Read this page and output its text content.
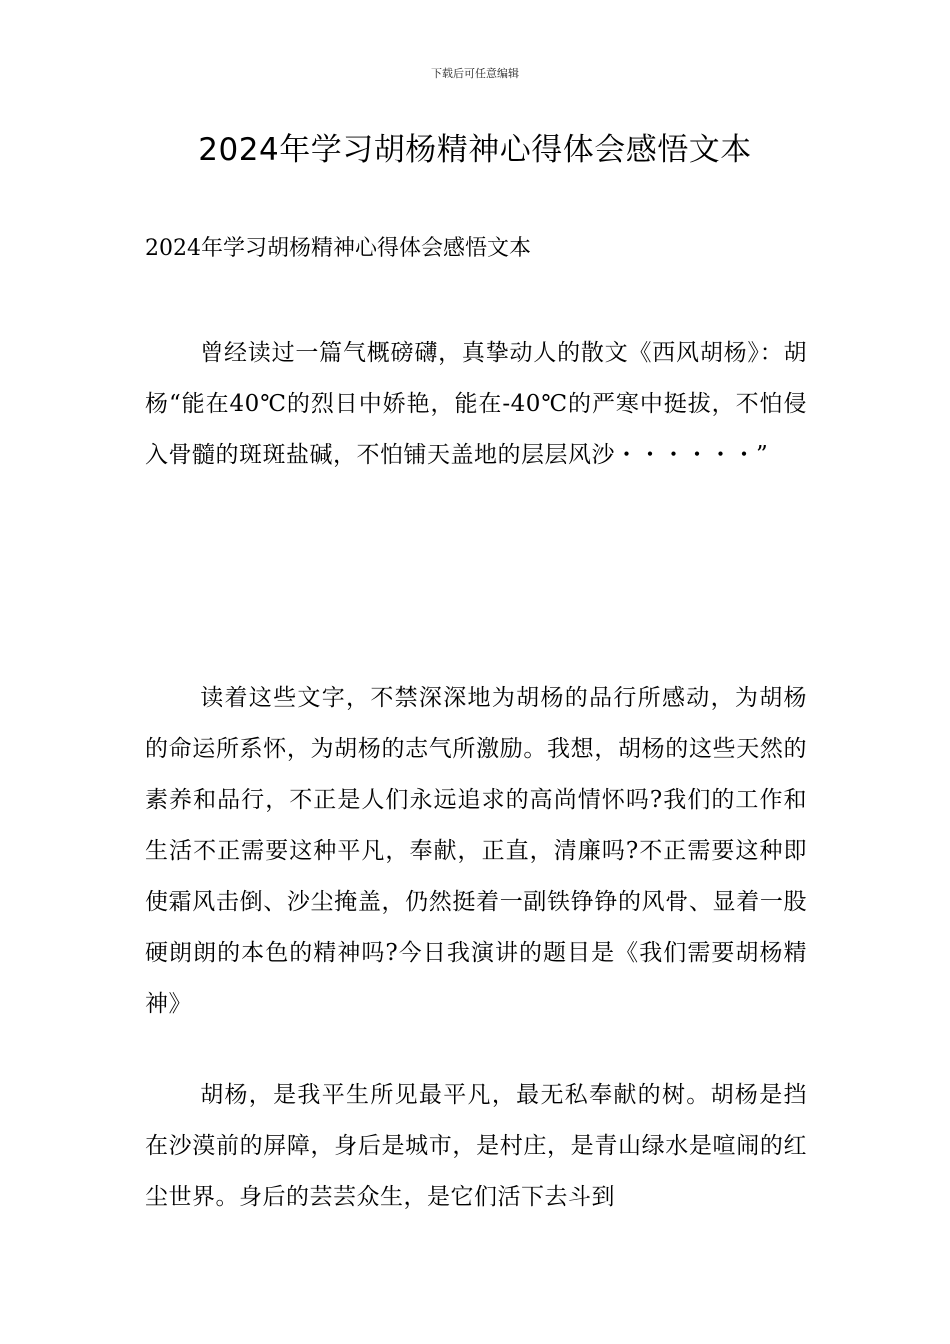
下载后可任意编辑
2024年学习胡杨精神心得体会感悟文本

2024年学习胡杨精神心得体会感悟文本

曾经读过一篇气概磅礴，真挚动人的散文《西风胡杨》：胡杨“能在40℃的烈日中娇艳，能在-40℃的严寒中挺拔，不怕侵入骨髓的斑斑盐碱，不怕铺天盖地的层层风沙・・・・・・”

读着这些文字，不禁深深地为胡杨的品行所感动，为胡杨的命运所系怀，为胡杨的志气所激励。我想，胡杨的这些天然的素养和品行，不正是人们永远追求的高尚情怀吗?我们的工作和生活不正需要这种平凡，奉献，正直，清廉吗?不正需要这种即使霜风击倒、沙尘掩盖，仍然挺着一副铁铮铮的风骨、显着一股硬朗朗的本色的精神吗?今日我演讲的题目是《我们需要胡杨精神》

胡杨，是我平生所见最平凡，最无私奉献的树。胡杨是挡在沙漠前的屏障，身后是城市，是村庄，是青山绿水是喧闹的红尘世界。身后的芸芸众生，是它们活下去斗到
